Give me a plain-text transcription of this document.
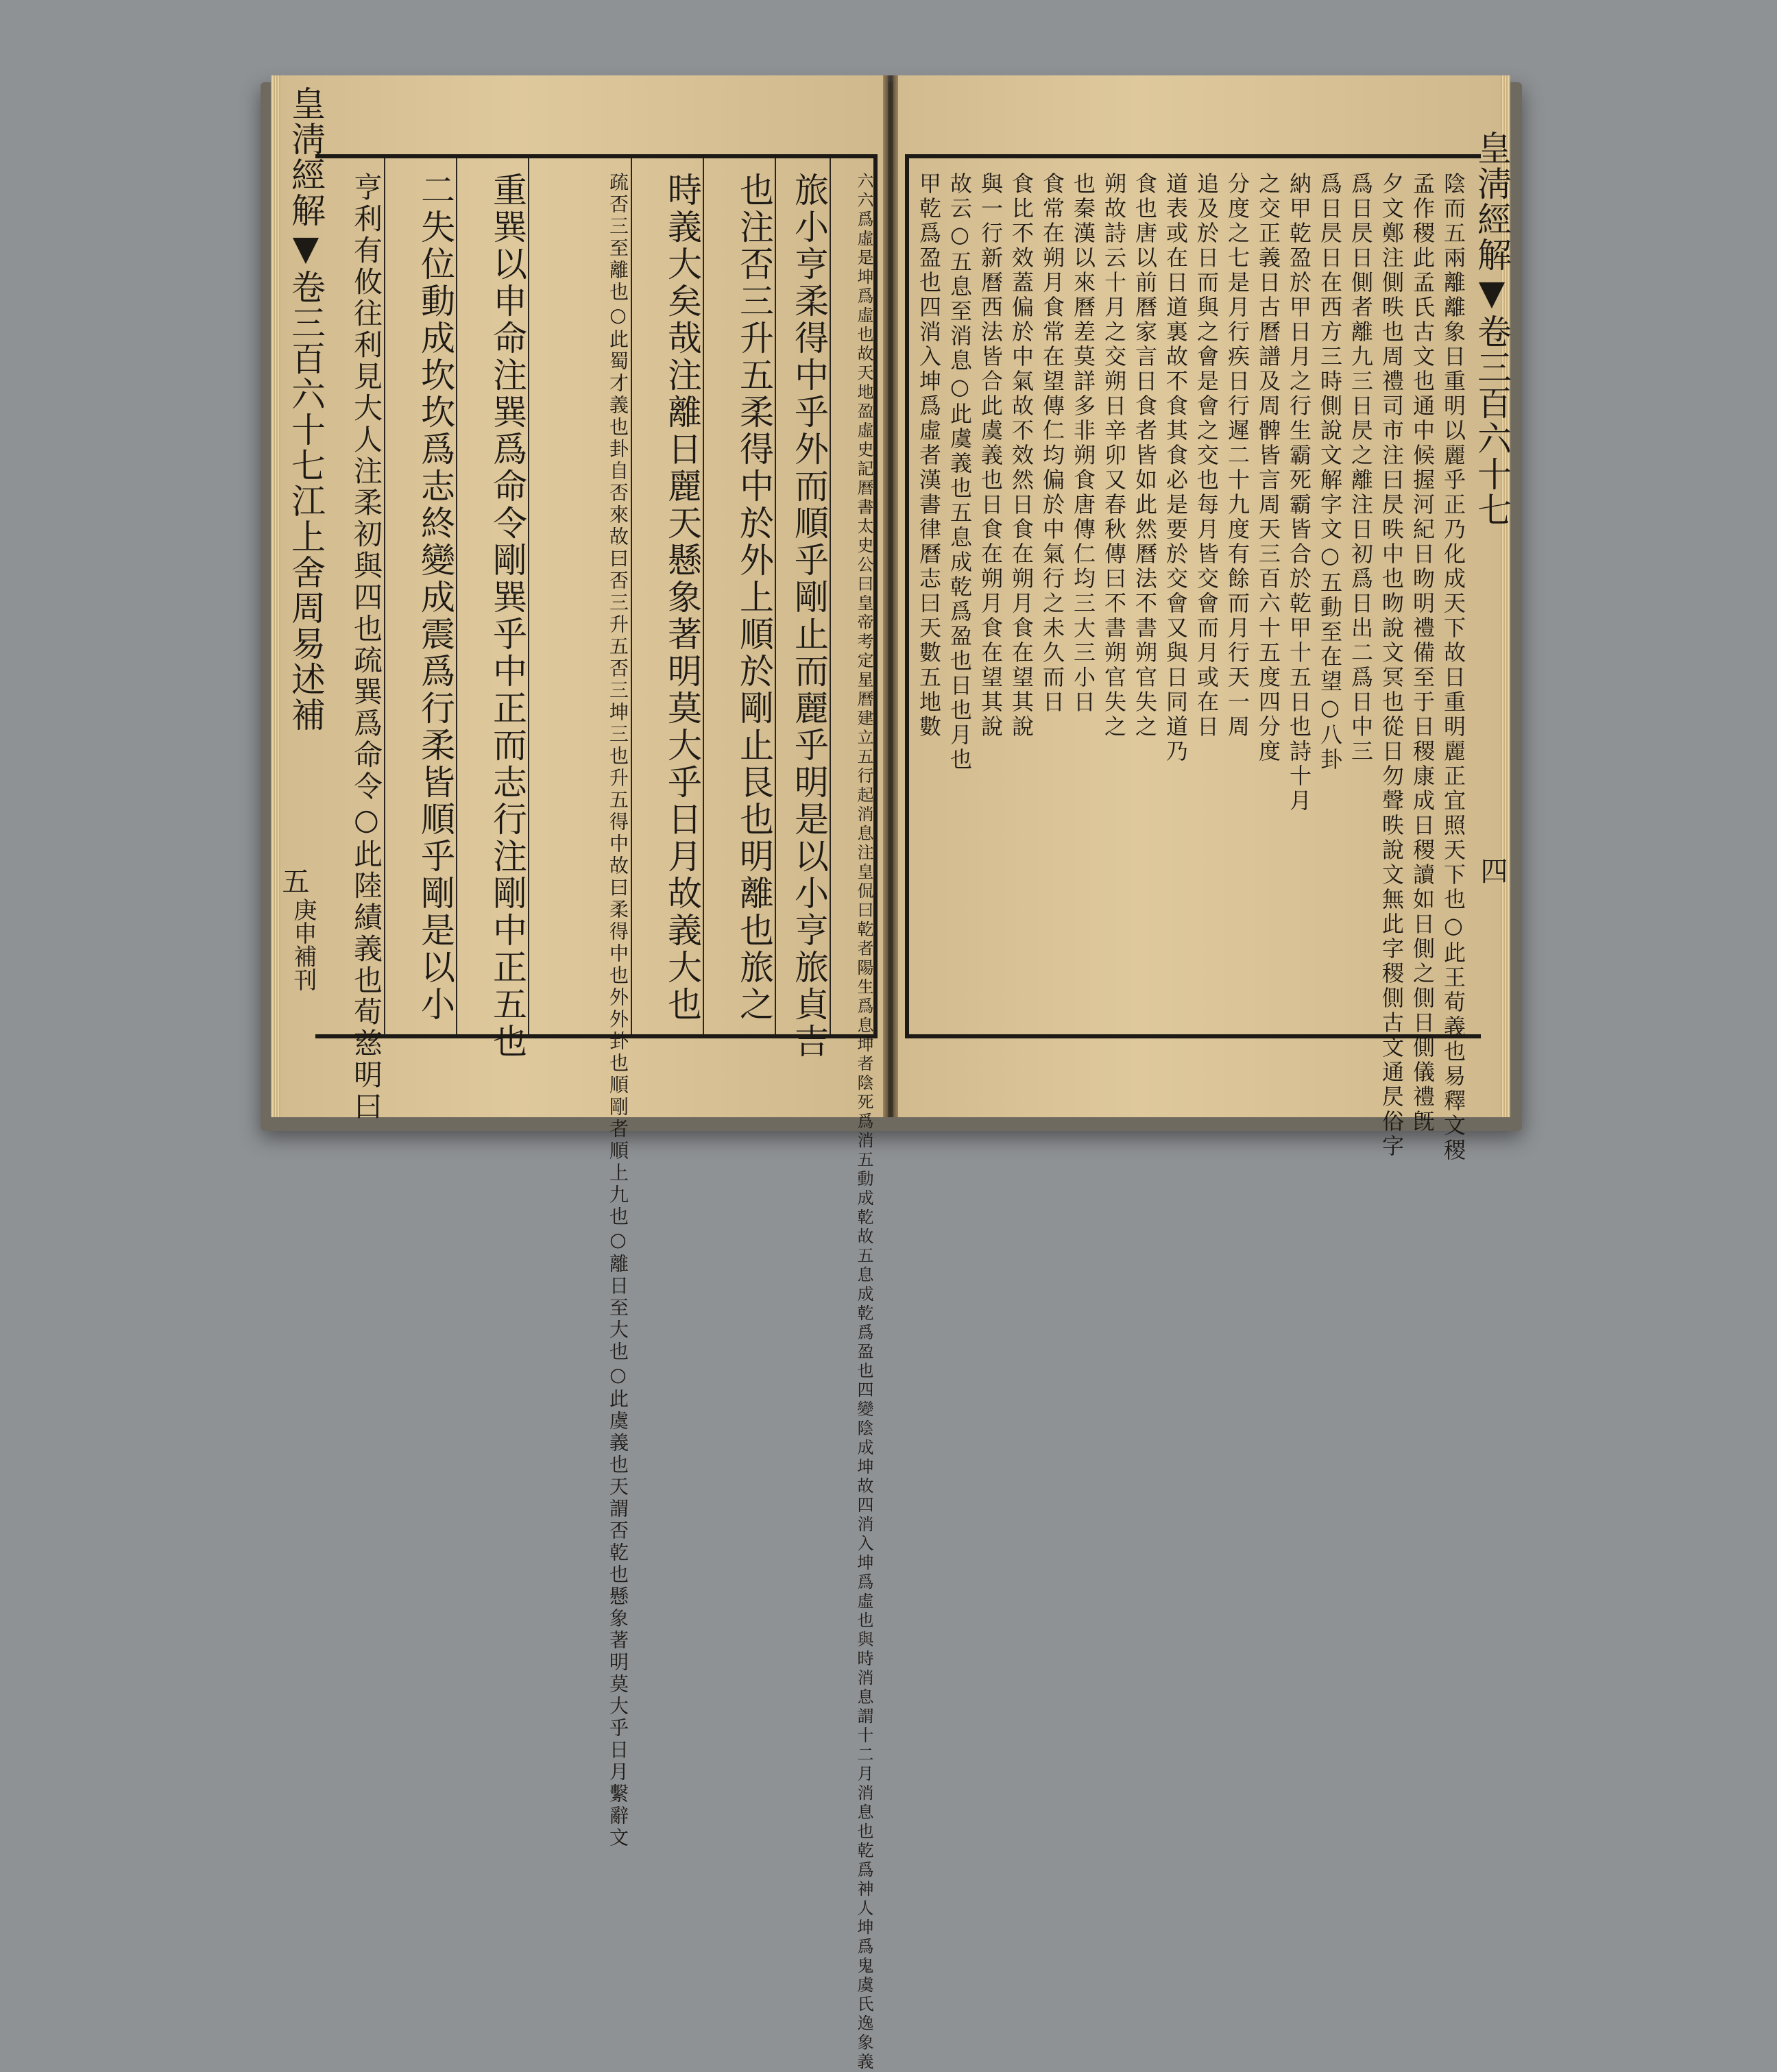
皇淸經解▼卷三百六十七江上舍周易述補
五
庚申補刊 亨利有攸往利見大人注柔初與四也疏巽爲命令○此陸績義也荀慈明曰 二失位動成坎坎爲志終變成震爲行柔皆順乎剛是以小 重巽以申命注巽爲命令剛巽乎中正而志行注剛中正五也	疏否三至離也○此蜀才義也卦自否來故曰否三升五否三坤三也升五得中故曰柔得中也外外卦也順剛者順上九也○離日至大也○此虞義也天謂否乾也懸象著明莫大乎日月繫辭文 時義大矣哉注離日麗天懸象著明莫大乎日月故義大也 也注否三升五柔得中於外上順於剛止艮也明離也旅之 旅小亨柔得中乎外而順乎剛止而麗乎明是以小亨旅貞吉 六六爲虛是坤爲虛也故天地盈虛史記曆書太史公曰皇帝考定星曆建立五行起消息注皇侃曰乾者陽生爲息坤者陰死爲消五動成乾故五息成乾爲盈也四變陰成坤故四消入坤爲虛也與時消息謂十二月消息也乾爲神人坤爲鬼虞氏逸象義 甲乾爲盈也四消入坤爲虛者漢書律曆志曰天數五地數 故云○五息至消息○此虞義也五息成乾爲盈也日也月也 與一行新曆西法皆合此虞義也日食在朔月食在望其說 食比不效蓋偏於中氣故不效然日食在朔月食在望其說 食常在朔月食常在望傳仁均偏於中氣行之未久而日 也秦漢以來曆差莫詳多非朔食唐傳仁均三大三小日 朔故詩云十月之交朔日辛卯又春秋傳曰不書朔官失之 食也唐以前曆家言日食者皆如此然曆法不書朔官失之 道表或在日道裏故不食其食必是要於交會又與日同道乃 追及於日而與之會是會之交也每月皆交會而月或在日 分度之七是月行疾日行遲二十九度有餘而月行天一周 之交正義日古曆譜及周髀皆言周天三百六十五度四分度 納甲乾盈於甲日月之行生霸死霸皆合於乾甲十五日也詩十月 爲日昃日在西方三時側說文解字文○五動至在望○八卦 爲日昃日側者離九三日昃之離注日初爲日出二爲日中三 夕文鄭注側昳也周禮司市注曰昃昳中也昒說文冥也從日勿聲昳說文無此字稷側古文通昃俗字 孟作稷此孟氏古文也通中候握河紀日昒明禮備至于日稷康成日稷讀如日側之側日側儀禮旣 陰而五兩離離象日重明以麗乎正乃化成天下故日重明麗正宜照天下也○此王荀義也易釋文稷 皇淸經解▼卷三百六十七
四
